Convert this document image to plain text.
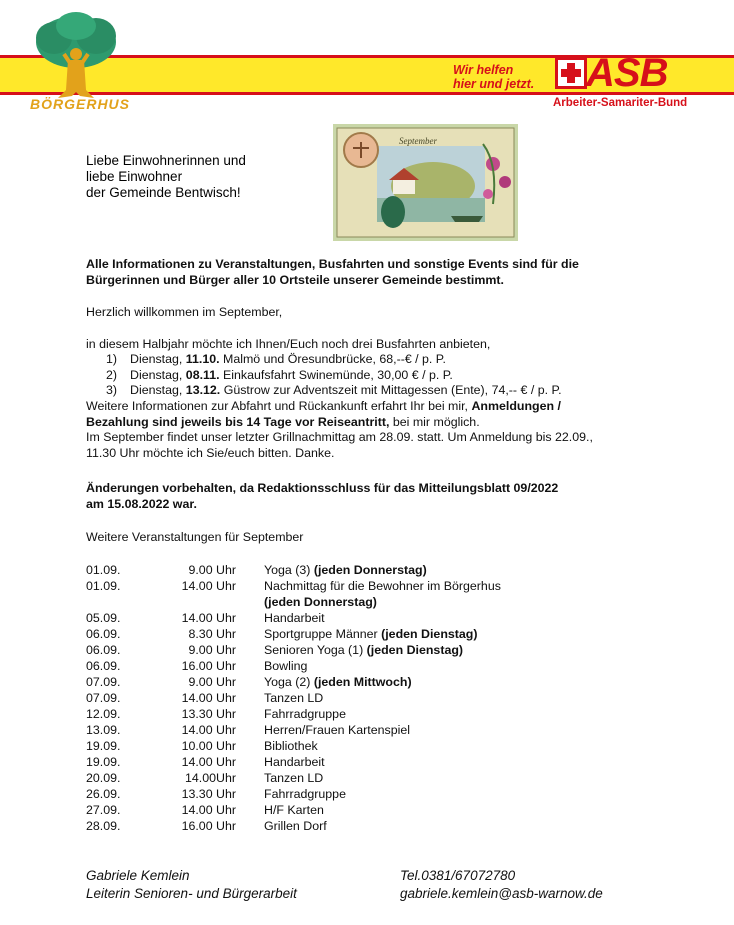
BÖRGERHUS
Wir helfen
hier und jetzt. ASB
Arbeiter-Samariter-Bund
September
Liebe Einwohnerinnen und
liebe Einwohner
der Gemeinde Bentwisch!
Alle Informationen zu Veranstaltungen, Busfahrten und sonstige Events sind für die
Bürgerinnen und Bürger aller 10 Ortsteile unserer Gemeinde bestimmt.
Herzlich willkommen im September,
in diesem Halbjahr möchte ich Ihnen/Euch noch drei Busfahrten anbieten,
1) Dienstag, 11.10. Malmö und Öresundbrücke, 68,--€ / p. P.
2) Dienstag, 08.11. Einkaufsfahrt Swinemünde, 30,00 € / p. P.
3) Dienstag, 13.12. Güstrow zur Adventszeit mit Mittagessen (Ente), 74,-- € / p. P.
Weitere Informationen zur Abfahrt und Rückankunft erfahrt Ihr bei mir, Anmeldungen /
Bezahlung sind jeweils bis 14 Tage vor Reiseantritt, bei mir möglich.
Im September findet unser letzter Grillnachmittag am 28.09. statt. Um Anmeldung bis 22.09.,
11.30 Uhr möchte ich Sie/euch bitten. Danke.
Änderungen vorbehalten, da Redaktionsschluss für das Mitteilungsblatt 09/2022
am 15.08.2022 war.
Weitere Veranstaltungen für September
01.09.	9.00 Uhr Yoga (3) (jeden Donnerstag)
01.09.	14.00 Uhr Nachmittag für die Bewohner im Börgerhus
(jeden Donnerstag)
05.09.	14.00 Uhr Handarbeit
06.09.	8.30 Uhr Sportgruppe Männer (jeden Dienstag)
06.09.	9.00 Uhr Senioren Yoga (1) (jeden Dienstag)
06.09.	16.00 Uhr Bowling
07.09.	9.00 Uhr Yoga (2) (jeden Mittwoch)
07.09.	14.00 Uhr Tanzen LD
12.09.	13.30 Uhr Fahrradgruppe
13.09.	14.00 Uhr Herren/Frauen Kartenspiel
19.09.	10.00 Uhr Bibliothek
19.09.	14.00 Uhr Handarbeit
20.09.	14.00Uhr Tanzen LD
26.09.	13.30 Uhr Fahrradgruppe
27.09.	14.00 Uhr H/F Karten
28.09.	16.00 Uhr Grillen Dorf
Gabriele Kemlein
Leiterin Senioren- und Bürgerarbeit
Tel.0381/67072780
gabriele.kemlein@asb-warnow.de
